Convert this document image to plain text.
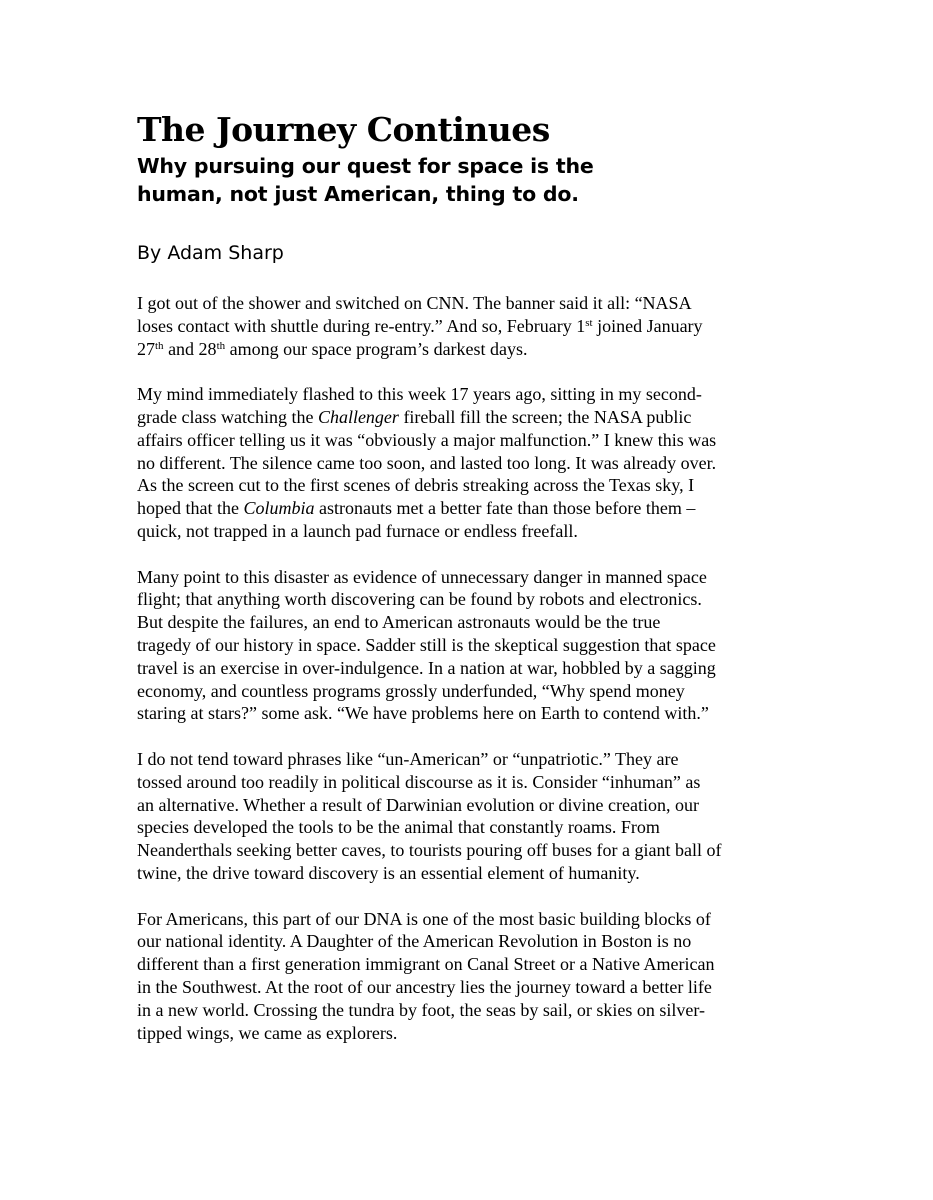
The Journey Continues
Why pursuing our quest for space is the
human, not just American, thing to do.

By Adam Sharp

I got out of the shower and switched on CNN. The banner said it all: “NASA
loses contact with shuttle during re-entry.” And so, February 1st joined January
27th and 28th among our space program’s darkest days.

My mind immediately flashed to this week 17 years ago, sitting in my second-
grade class watching the Challenger fireball fill the screen; the NASA public
affairs officer telling us it was “obviously a major malfunction.” I knew this was
no different. The silence came too soon, and lasted too long. It was already over.
As the screen cut to the first scenes of debris streaking across the Texas sky, I
hoped that the Columbia astronauts met a better fate than those before them –
quick, not trapped in a launch pad furnace or endless freefall.

Many point to this disaster as evidence of unnecessary danger in manned space
flight; that anything worth discovering can be found by robots and electronics.
But despite the failures, an end to American astronauts would be the true
tragedy of our history in space. Sadder still is the skeptical suggestion that space
travel is an exercise in over-indulgence. In a nation at war, hobbled by a sagging
economy, and countless programs grossly underfunded, “Why spend money
staring at stars?” some ask. “We have problems here on Earth to contend with.”

I do not tend toward phrases like “un-American” or “unpatriotic.” They are
tossed around too readily in political discourse as it is. Consider “inhuman” as
an alternative. Whether a result of Darwinian evolution or divine creation, our
species developed the tools to be the animal that constantly roams. From
Neanderthals seeking better caves, to tourists pouring off buses for a giant ball of
twine, the drive toward discovery is an essential element of humanity.

For Americans, this part of our DNA is one of the most basic building blocks of
our national identity. A Daughter of the American Revolution in Boston is no
different than a first generation immigrant on Canal Street or a Native American
in the Southwest. At the root of our ancestry lies the journey toward a better life
in a new world. Crossing the tundra by foot, the seas by sail, or skies on silver-
tipped wings, we came as explorers.
